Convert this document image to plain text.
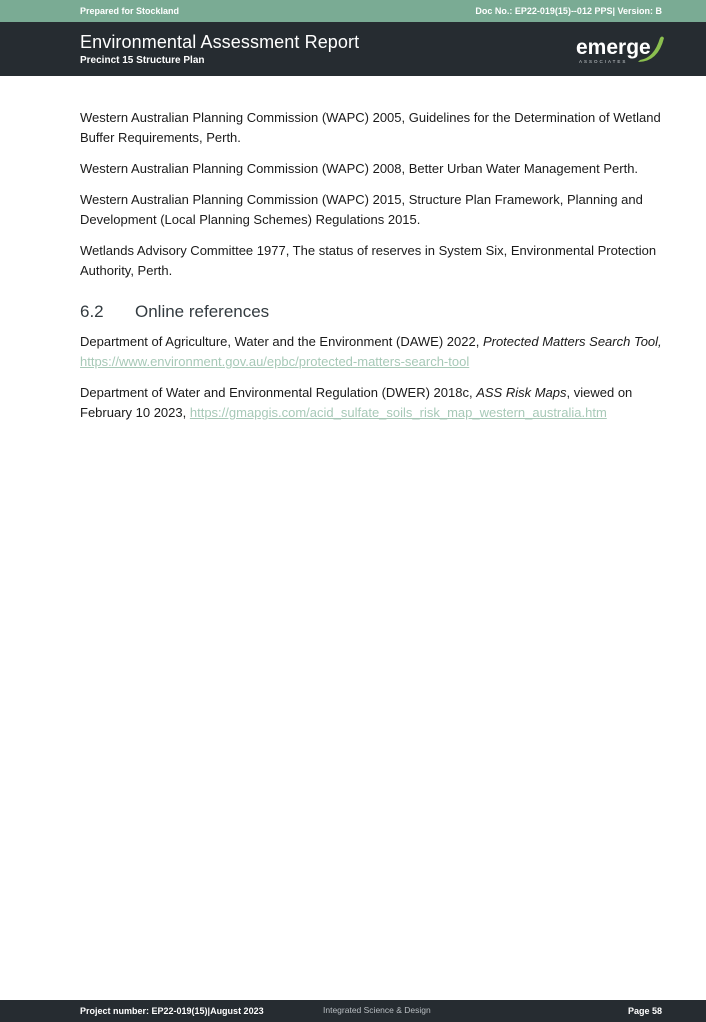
Prepared for Stockland	Doc No.: EP22-019(15)--012 PPS| Version: B
Environmental Assessment Report
Precinct 15 Structure Plan
emerge
ASSOCIATES

Western Australian Planning Commission (WAPC) 2005, Guidelines for the Determination of Wetland Buffer Requirements, Perth.

Western Australian Planning Commission (WAPC) 2008, Better Urban Water Management Perth.

Western Australian Planning Commission (WAPC) 2015, Structure Plan Framework, Planning and Development (Local Planning Schemes) Regulations 2015.

Wetlands Advisory Committee 1977, The status of reserves in System Six, Environmental Protection Authority, Perth.

6.2	Online references

Department of Agriculture, Water and the Environment (DAWE) 2022, Protected Matters Search Tool, https://www.environment.gov.au/epbc/protected-matters-search-tool

Department of Water and Environmental Regulation (DWER) 2018c, ASS Risk Maps, viewed on February 10 2023, https://gmapgis.com/acid_sulfate_soils_risk_map_western_australia.htm

Project number: EP22-019(15)|August 2023	Integrated Science & Design	Page 58
